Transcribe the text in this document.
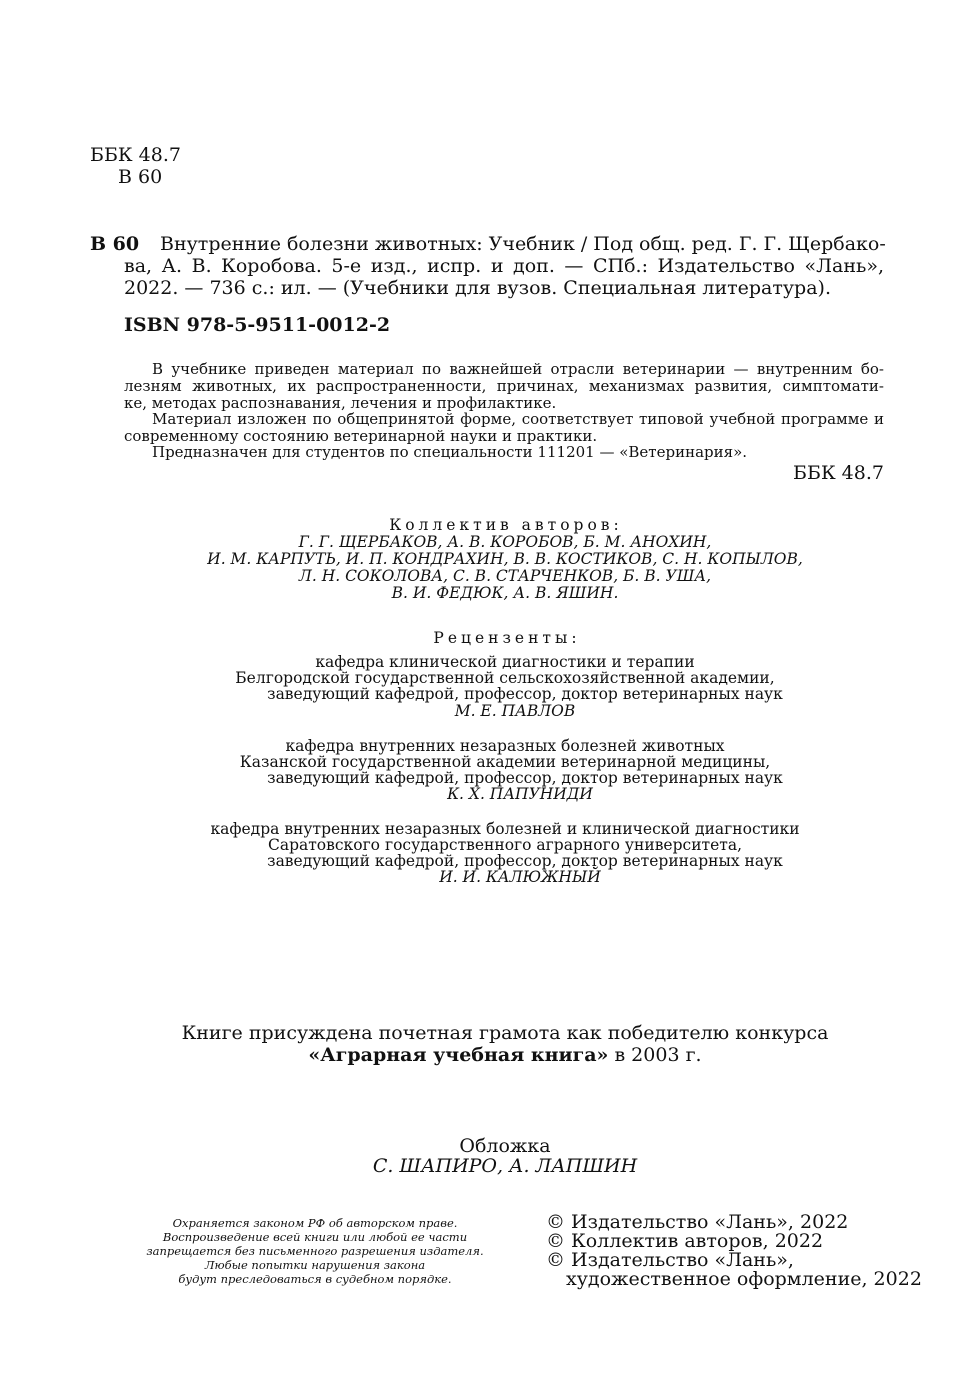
ББК 48.7
В 60
В 60 Внутренние болезни животных: Учебник / Под общ. ред. Г. Г. Щербако-
ва, А. В. Коробова. 5-е изд., испр. и доп. — СПб.: Издательство «Лань»,
2022. — 736 с.: ил. — (Учебники для вузов. Специальная литература).
ISBN 978-5-9511-0012-2
В учебнике приведен материал по важнейшей отрасли ветеринарии — внутренним бо-
лезням животных, их распространенности, причинах, механизмах развития, симптомати-
ке, методах распознавания, лечения и профилактике.
Материал изложен по общепринятой форме, соответствует типовой учебной программе и
современному состоянию ветеринарной науки и практики.
Предназначен для студентов по специальности 111201 — «Ветеринария».
ББК 48.7
Коллектив авторов:
Г. Г. ЩЕРБАКОВ, А. В. КОРОБОВ, Б. М. АНОХИН,
И. М. КАРПУТЬ, И. П. КОНДРАХИН, В. В. КОСТИКОВ, С. Н. КОПЫЛОВ,
Л. Н. СОКОЛОВА, С. В. СТАРЧЕНКОВ, Б. В. УША,
В. И. ФЕДЮК, А. В. ЯШИН.
Рецензенты:
кафедра клинической диагностики и терапии
Белгородской государственной сельскохозяйственной академии,
заведующий кафедрой, профессор, доктор ветеринарных наук
М. Е. ПАВЛОВ
кафедра внутренних незаразных болезней животных
Казанской государственной академии ветеринарной медицины,
заведующий кафедрой, профессор, доктор ветеринарных наук
К. Х. ПАПУНИДИ
кафедра внутренних незаразных болезней и клинической диагностики
Саратовского государственного аграрного университета,
заведующий кафедрой, профессор, доктор ветеринарных наук
И. И. КАЛЮЖНЫЙ
Книге присуждена почетная грамота как победителю конкурса
«Аграрная учебная книга» в 2003 г.
Обложка
С. ШАПИРО, А. ЛАПШИН
Охраняется законом РФ об авторском праве.
Воспроизведение всей книги или любой ее части
запрещается без письменного разрешения издателя.
Любые попытки нарушения закона
будут преследоваться в судебном порядке.
© Издательство «Лань», 2022
© Коллектив авторов, 2022
© Издательство «Лань»,
художественное оформление, 2022
